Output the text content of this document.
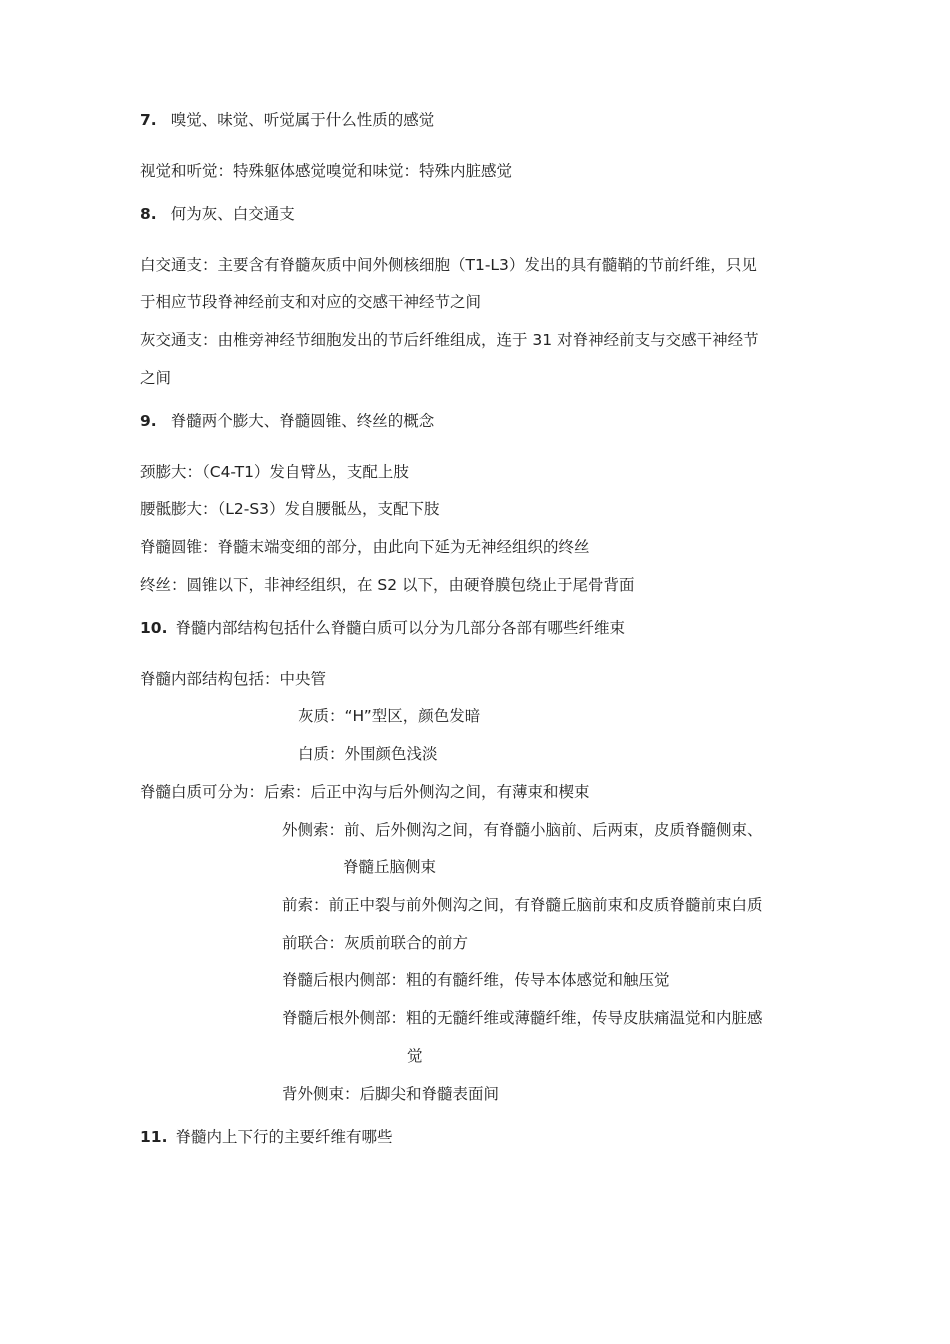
7. 嗅觉、味觉、听觉属于什么性质的感觉
视觉和听觉：特殊躯体感觉嗅觉和味觉：特殊内脏感觉
8. 何为灰、白交通支
白交通支：主要含有脊髓灰质中间外侧核细胞（T1-L3）发出的具有髓鞘的节前纤维，只见
于相应节段脊神经前支和对应的交感干神经节之间
灰交通支：由椎旁神经节细胞发出的节后纤维组成，连于 31 对脊神经前支与交感干神经节
之间
9. 脊髓两个膨大、脊髓圆锥、终丝的概念
颈膨大：（C4-T1）发自臂丛，支配上肢
腰骶膨大：（L2-S3）发自腰骶丛，支配下肢
脊髓圆锥：脊髓末端变细的部分，由此向下延为无神经组织的终丝
终丝：圆锥以下，非神经组织，在 S2 以下，由硬脊膜包绕止于尾骨背面
10. 脊髓内部结构包括什么脊髓白质可以分为几部分各部有哪些纤维束
脊髓内部结构包括：中央管
灰质：“H”型区，颜色发暗
白质：外围颜色浅淡
脊髓白质可分为：后索：后正中沟与后外侧沟之间，有薄束和楔束
外侧索：前、后外侧沟之间，有脊髓小脑前、后两束，皮质脊髓侧束、
脊髓丘脑侧束
前索：前正中裂与前外侧沟之间，有脊髓丘脑前束和皮质脊髓前束白质
前联合：灰质前联合的前方
脊髓后根内侧部：粗的有髓纤维，传导本体感觉和触压觉
脊髓后根外侧部：粗的无髓纤维或薄髓纤维，传导皮肤痛温觉和内脏感
觉
背外侧束：后脚尖和脊髓表面间
11. 脊髓内上下行的主要纤维有哪些
